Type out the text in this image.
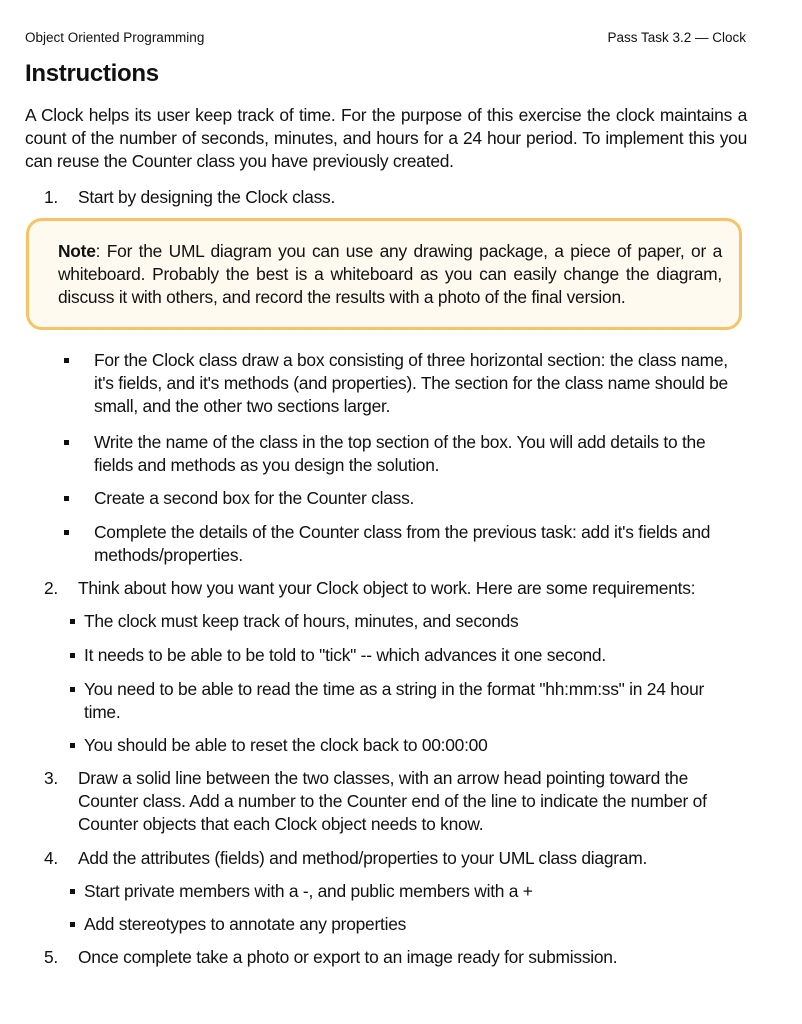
Object Oriented Programming	Pass Task 3.2 — Clock
Instructions
A Clock helps its user keep track of time. For the purpose of this exercise the clock maintains a count of the number of seconds, minutes, and hours for a 24 hour period. To implement this you can reuse the Counter class you have previously created.
1. Start by designing the Clock class.
Note: For the UML diagram you can use any drawing package, a piece of paper, or a whiteboard. Probably the best is a whiteboard as you can easily change the diagram, discuss it with others, and record the results with a photo of the final version.
For the Clock class draw a box consisting of three horizontal section: the class name, it's fields, and it's methods (and properties). The section for the class name should be small, and the other two sections larger.
Write the name of the class in the top section of the box. You will add details to the fields and methods as you design the solution.
Create a second box for the Counter class.
Complete the details of the Counter class from the previous task: add it's fields and methods/properties.
2. Think about how you want your Clock object to work. Here are some requirements:
The clock must keep track of hours, minutes, and seconds
It needs to be able to be told to "tick" -- which advances it one second.
You need to be able to read the time as a string in the format "hh:mm:ss" in 24 hour time.
You should be able to reset the clock back to 00:00:00
3. Draw a solid line between the two classes, with an arrow head pointing toward the Counter class. Add a number to the Counter end of the line to indicate the number of Counter objects that each Clock object needs to know.
4. Add the attributes (fields) and method/properties to your UML class diagram.
Start private members with a -, and public members with a +
Add stereotypes to annotate any properties
5. Once complete take a photo or export to an image ready for submission.
